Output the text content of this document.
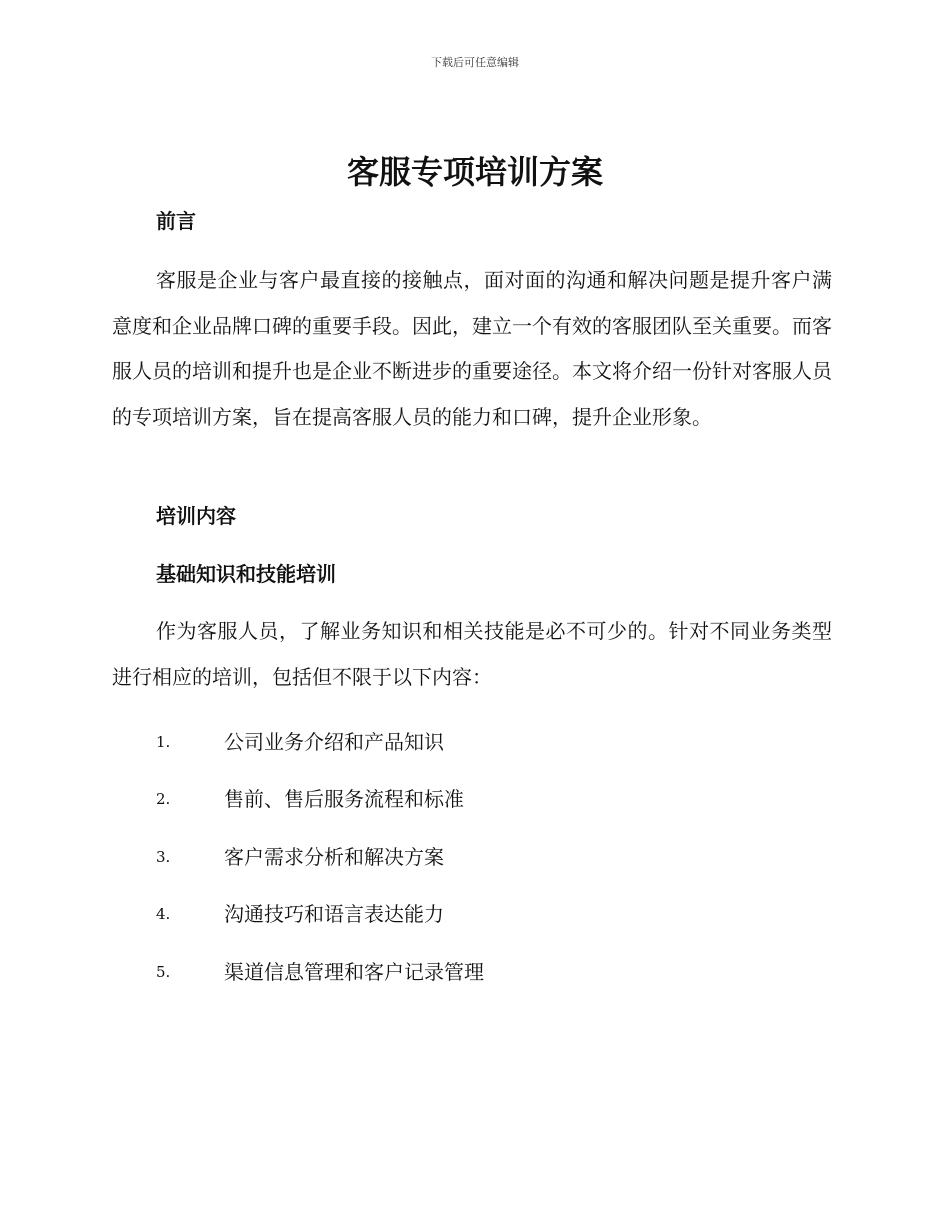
下载后可任意编辑
客服专项培训方案
前言

客服是企业与客户最直接的接触点，面对面的沟通和解决问题是提升客户满意度和企业品牌口碑的重要手段。因此，建立一个有效的客服团队至关重要。而客服人员的培训和提升也是企业不断进步的重要途径。本文将介绍一份针对客服人员的专项培训方案，旨在提高客服人员的能力和口碑，提升企业形象。

培训内容
基础知识和技能培训

作为客服人员，了解业务知识和相关技能是必不可少的。针对不同业务类型进行相应的培训，包括但不限于以下内容：

1.	公司业务介绍和产品知识
2.	售前、售后服务流程和标准
3.	客户需求分析和解决方案
4.	沟通技巧和语言表达能力
5.	渠道信息管理和客户记录管理
